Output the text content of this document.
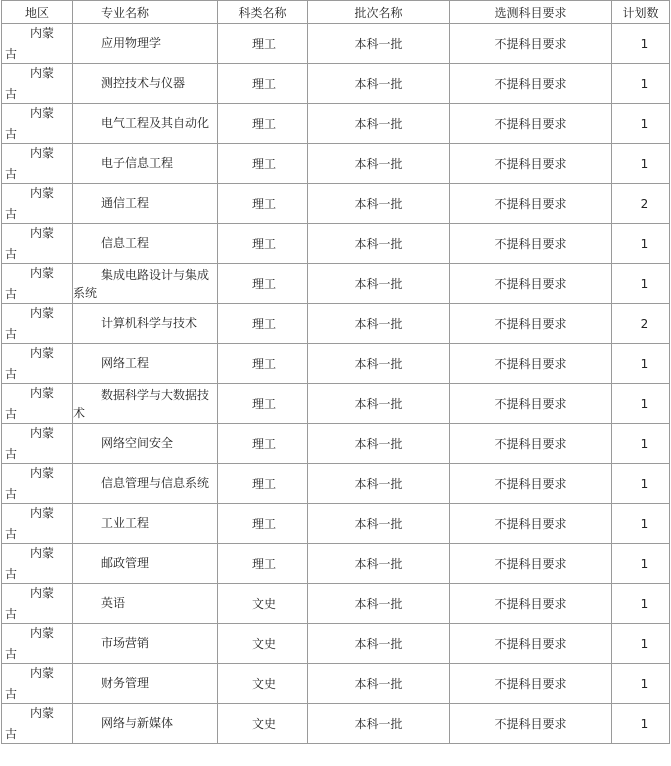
地区	专业名称	科类名称	批次名称	选测科目要求	计划数

内蒙
古	应用物理学	理工	本科一批	不提科目要求	1

内蒙
古	测控技术与仪器	理工	本科一批	不提科目要求	1

内蒙
古	电气工程及其自动化	理工	本科一批	不提科目要求	1

内蒙
古	电子信息工程	理工	本科一批	不提科目要求	1

内蒙
古	通信工程	理工	本科一批	不提科目要求	2

内蒙
古	信息工程	理工	本科一批	不提科目要求	1

内蒙
古	集成电路设计与集成系统	理工	本科一批	不提科目要求	1

内蒙
古	计算机科学与技术	理工	本科一批	不提科目要求	2

内蒙
古	网络工程	理工	本科一批	不提科目要求	1

内蒙
古	数据科学与大数据技术	理工	本科一批	不提科目要求	1

内蒙
古	网络空间安全	理工	本科一批	不提科目要求	1

内蒙
古	信息管理与信息系统	理工	本科一批	不提科目要求	1

内蒙
古	工业工程	理工	本科一批	不提科目要求	1

内蒙
古	邮政管理	理工	本科一批	不提科目要求	1

内蒙
古	英语	文史	本科一批	不提科目要求	1

内蒙
古	市场营销	文史	本科一批	不提科目要求	1

内蒙
古	财务管理	文史	本科一批	不提科目要求	1

内蒙
古	网络与新媒体	文史	本科一批	不提科目要求	1
